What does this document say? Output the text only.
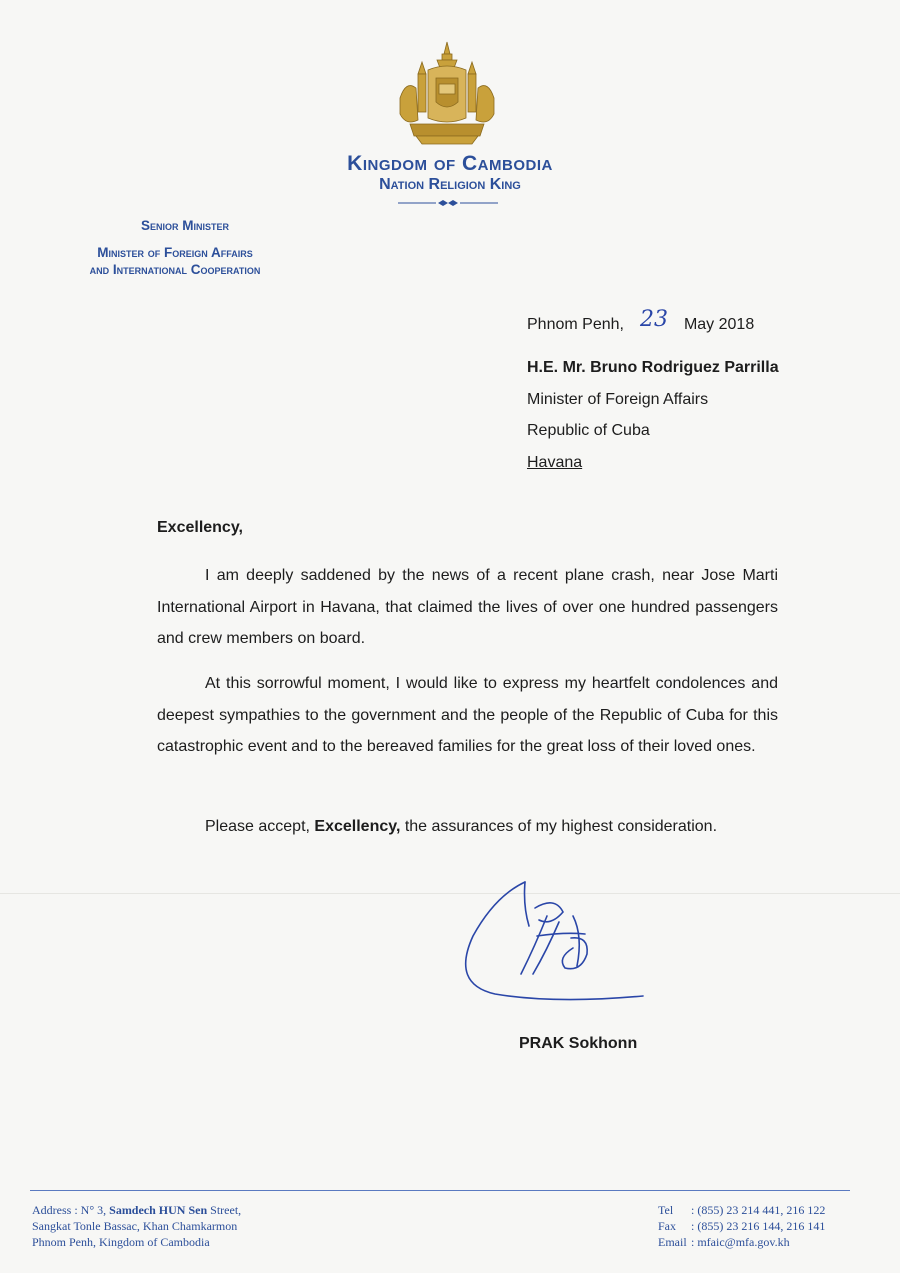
Kingdom of Cambodia
Nation Religion King
Senior Minister
Minister of Foreign Affairs
and International Cooperation
Phnom Penh, 23 May 2018
H.E. Mr. Bruno Rodriguez Parrilla
Minister of Foreign Affairs
Republic of Cuba
Havana
Excellency,
I am deeply saddened by the news of a recent plane crash, near Jose Marti International Airport in Havana, that claimed the lives of over one hundred passengers and crew members on board.
At this sorrowful moment, I would like to express my heartfelt condolences and deepest sympathies to the government and the people of the Republic of Cuba for this catastrophic event and to the bereaved families for the great loss of their loved ones.
Please accept, Excellency, the assurances of my highest consideration.
PRAK Sokhonn
Address : N° 3, Samdech HUN Sen Street,
Sangkat Tonle Bassac, Khan Chamkarmon
Phnom Penh, Kingdom of Cambodia
Tel	: (855) 23 214 441, 216 122
Fax	: (855) 23 216 144, 216 141
Email : mfaic@mfa.gov.kh
